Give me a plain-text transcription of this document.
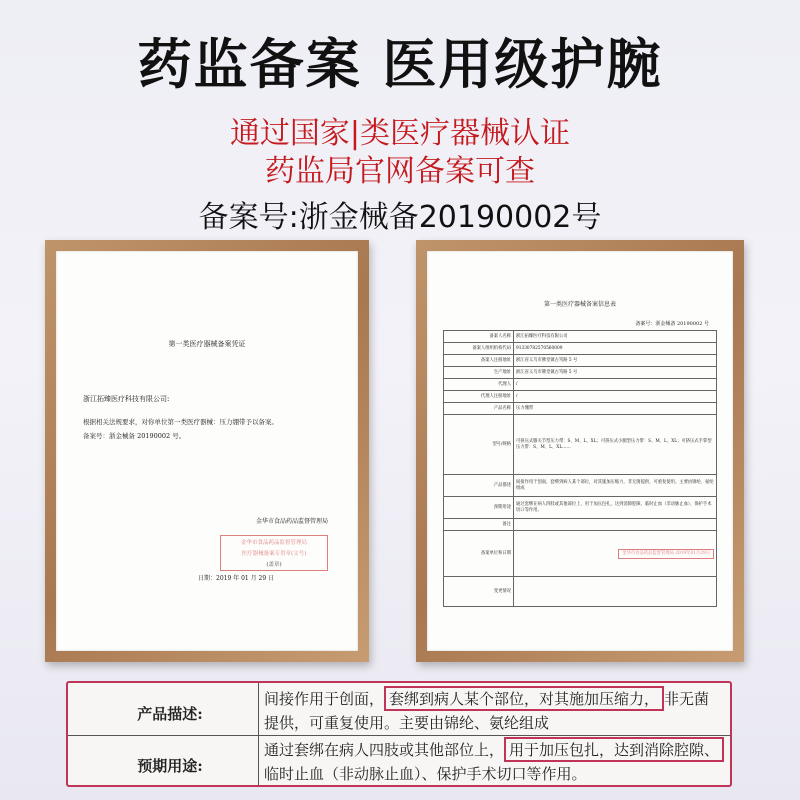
药监备案 医用级护腕
通过国家|类医疗器械认证
药监局官网备案可查
备案号:浙金械备20190002号
第一类医疗器械备案凭证
浙江拓臻医疗科技有限公司:
根据相关法规要求，对你单位第一类医疗器械：压力绷带予以备案。
备案号：浙金械备 20190002 号。
金华市食品药品监督管理局
金华市食品药品监督管理局
医疗器械备案专用章(文号)
(盖章)
日期：2019 年 01 月 29 日
第一类医疗器械备案信息表
备案号：浙金械备 20190002 号
备案人名称	浙江拓臻医疗科技有限公司
备案人组织机构代码	91330782570560009
备案人注册地址	浙江省义乌市佛堂镇古笃路 5 号
生产地址	浙江省义乌市佛堂镇古笃路 5 号
代理人	/
代理人注册地址	/
产品名称	压力绷带
型号/规格	可挤压式膝关节型压力带：S、M、L、XL；可挤压式小腿型压力带：S、M、L、XL；可挤压式手掌型压力带：S、M、L、XL……
产品描述	间接作用于创面，套绑到病人某个部位，对其施加压缩力，非无菌提供，可重复使用。主要由锦纶、氨纶组成
预期用途	通过套绑在病人四肢或其他部位上，用于加压包扎，达到消除腔隙、临时止血（非动脉止血）、保护手术切口等作用。
备注	
备案单位和日期	金华市食品药品监督管理局 2019年01月29日
变更情况	
产品描述:
间接作用于创面， 套绑到病人某个部位，对其施加压缩力， 非无菌
提供，可重复使用。主要由锦纶、氨纶组成
预期用途:
通过套绑在病人四肢或其他部位上， 用于加压包扎，达到消除腔隙、
临时止血（非动脉止血）、保护手术切口等作用。
